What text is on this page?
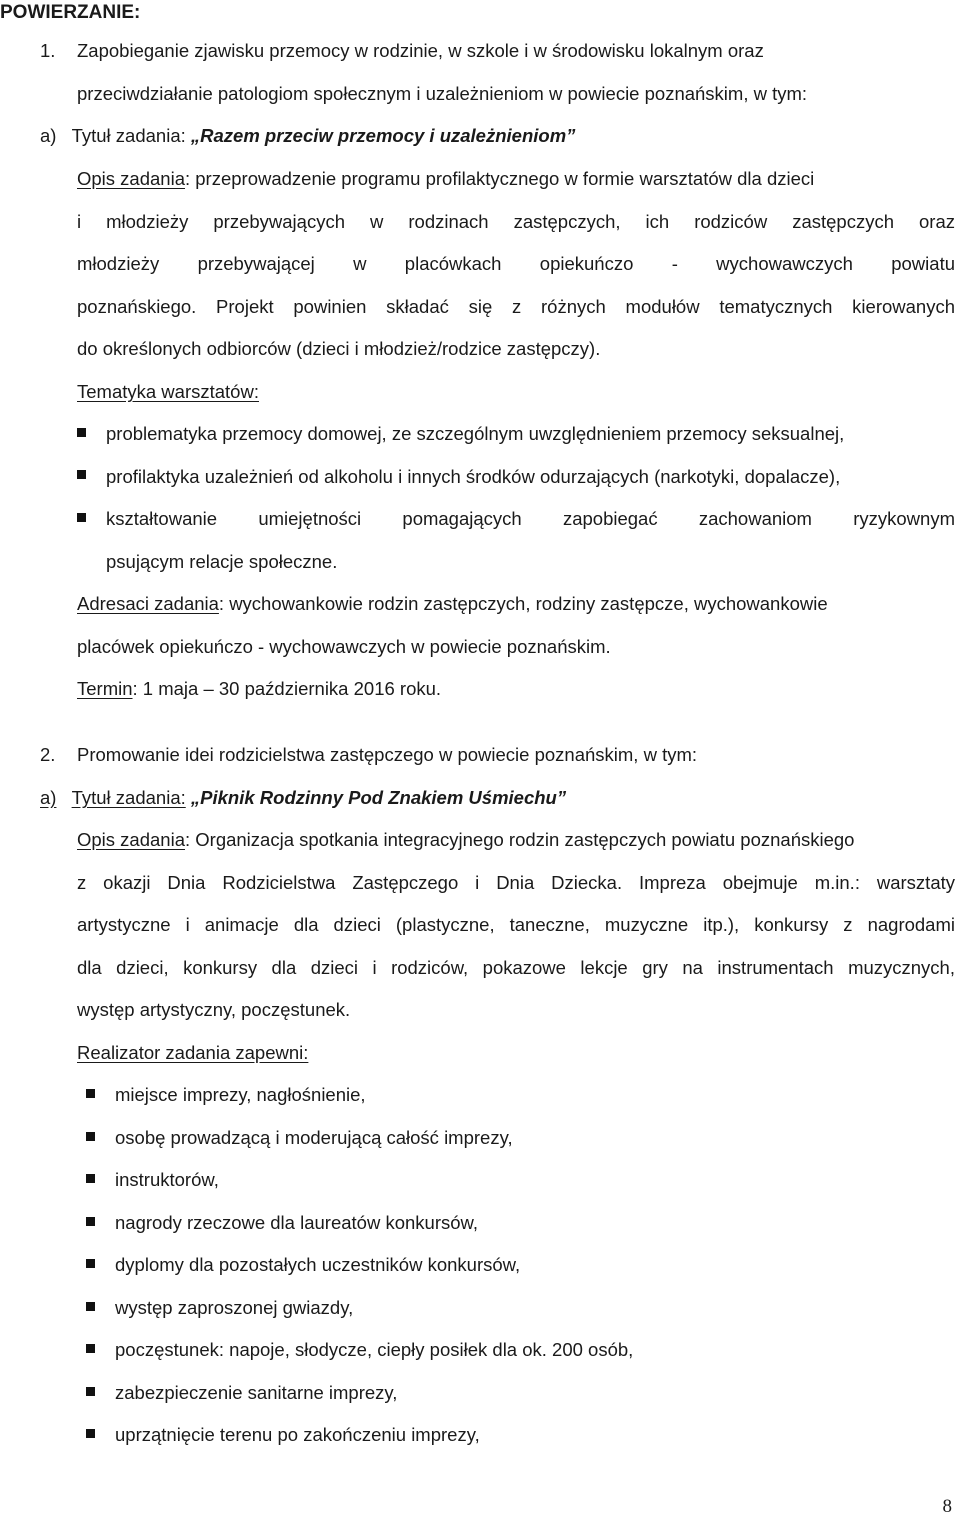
POWIERZANIE:
1. Zapobieganie zjawisku przemocy w rodzinie, w szkole i w środowisku lokalnym oraz
przeciwdziałanie patologiom społecznym i uzależnieniom w powiecie poznańskim, w tym:
a) Tytuł zadania: „Razem przeciw przemocy i uzależnieniom”
Opis zadania: przeprowadzenie programu profilaktycznego w formie warsztatów dla dzieci
i młodzieży przebywających w rodzinach zastępczych, ich rodziców zastępczych oraz
młodzieży przebywającej w placówkach opiekuńczo - wychowawczych powiatu
poznańskiego. Projekt powinien składać się z różnych modułów tematycznych kierowanych
do określonych odbiorców (dzieci i młodzież/rodzice zastępczy).
Tematyka warsztatów:
problematyka przemocy domowej, ze szczególnym uwzględnieniem przemocy seksualnej,
profilaktyka uzależnień od alkoholu i innych środków odurzających (narkotyki, dopalacze),
kształtowanie umiejętności pomagających zapobiegać zachowaniom ryzykownym
psującym relacje społeczne.
Adresaci zadania: wychowankowie rodzin zastępczych, rodziny zastępcze, wychowankowie
placówek opiekuńczo - wychowawczych w powiecie poznańskim.
Termin: 1 maja – 30 października 2016 roku.
2. Promowanie idei rodzicielstwa zastępczego w powiecie poznańskim, w tym:
a) Tytuł zadania: „Piknik Rodzinny Pod Znakiem Uśmiechu”
Opis zadania: Organizacja spotkania integracyjnego rodzin zastępczych powiatu poznańskiego
z okazji Dnia Rodzicielstwa Zastępczego i Dnia Dziecka. Impreza obejmuje m.in.: warsztaty
artystyczne i animacje dla dzieci (plastyczne, taneczne, muzyczne itp.), konkursy z nagrodami
dla dzieci, konkursy dla dzieci i rodziców, pokazowe lekcje gry na instrumentach muzycznych,
występ artystyczny, poczęstunek.
Realizator zadania zapewni:
miejsce imprezy, nagłośnienie,
osobę prowadzącą i moderującą całość imprezy,
instruktorów,
nagrody rzeczowe dla laureatów konkursów,
dyplomy dla pozostałych uczestników konkursów,
występ zaproszonej gwiazdy,
poczęstunek: napoje, słodycze, ciepły posiłek dla ok. 200 osób,
zabezpieczenie sanitarne imprezy,
uprzątnięcie terenu po zakończeniu imprezy,
8
